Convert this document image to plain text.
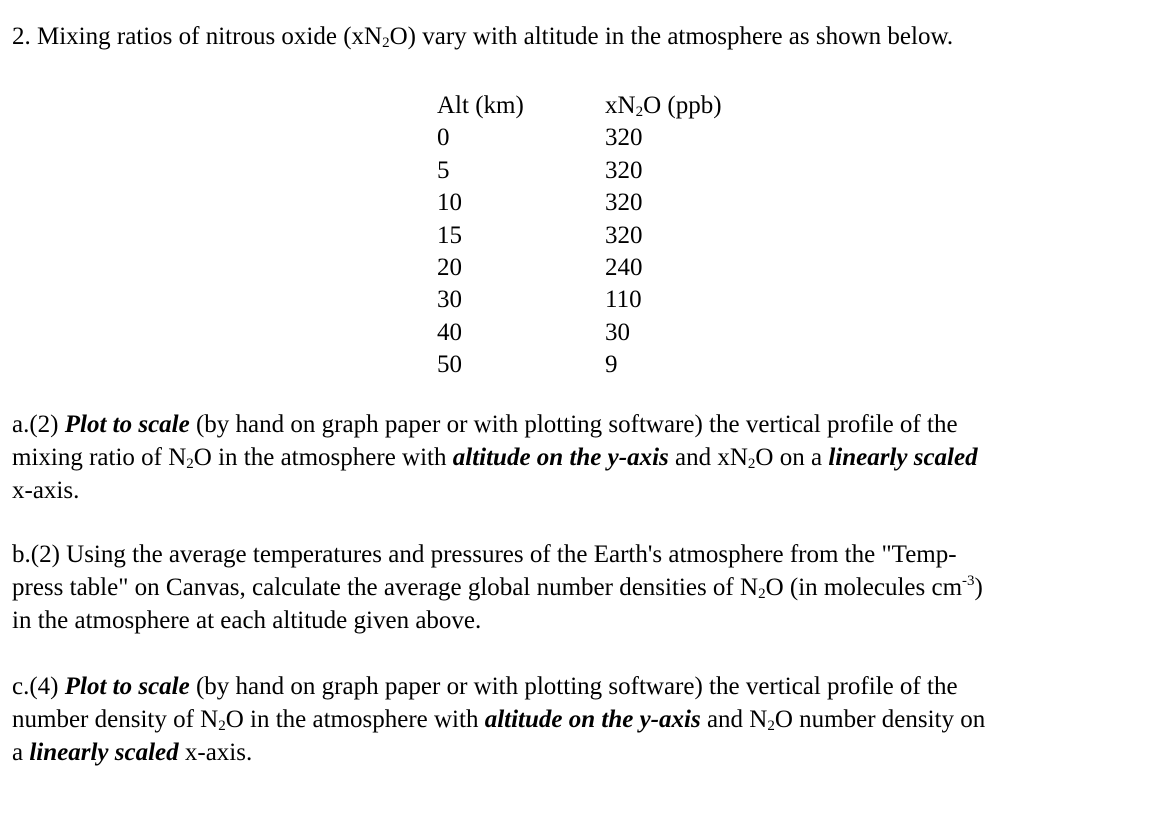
2. Mixing ratios of nitrous oxide $(xN_2O)$ vary with altitude in the atmosphere as shown below.
Alt (km)	$xN_2O$ (ppb)
0	320
5	320
10	320
15	320
20	240
30	110
40	30
50	9
a.(2) Plot to scale (by hand on graph paper or with plotting software) the vertical profile of the
mixing ratio of $N_2O$ in the atmosphere with altitude on the y-axis and $xN_2O$ on a linearly scaled
x-axis.
b.(2) Using the average temperatures and pressures of the Earth's atmosphere from the "Temp-
press table" on Canvas, calculate the average global number densities of $N_2O$ (in molecules $cm^{-3}$)
in the atmosphere at each altitude given above.
c.(4) Plot to scale (by hand on graph paper or with plotting software) the vertical profile of the
number density of $N_2O$ in the atmosphere with altitude on the y-axis and $N_2O$ number density on
a linearly scaled x-axis.
